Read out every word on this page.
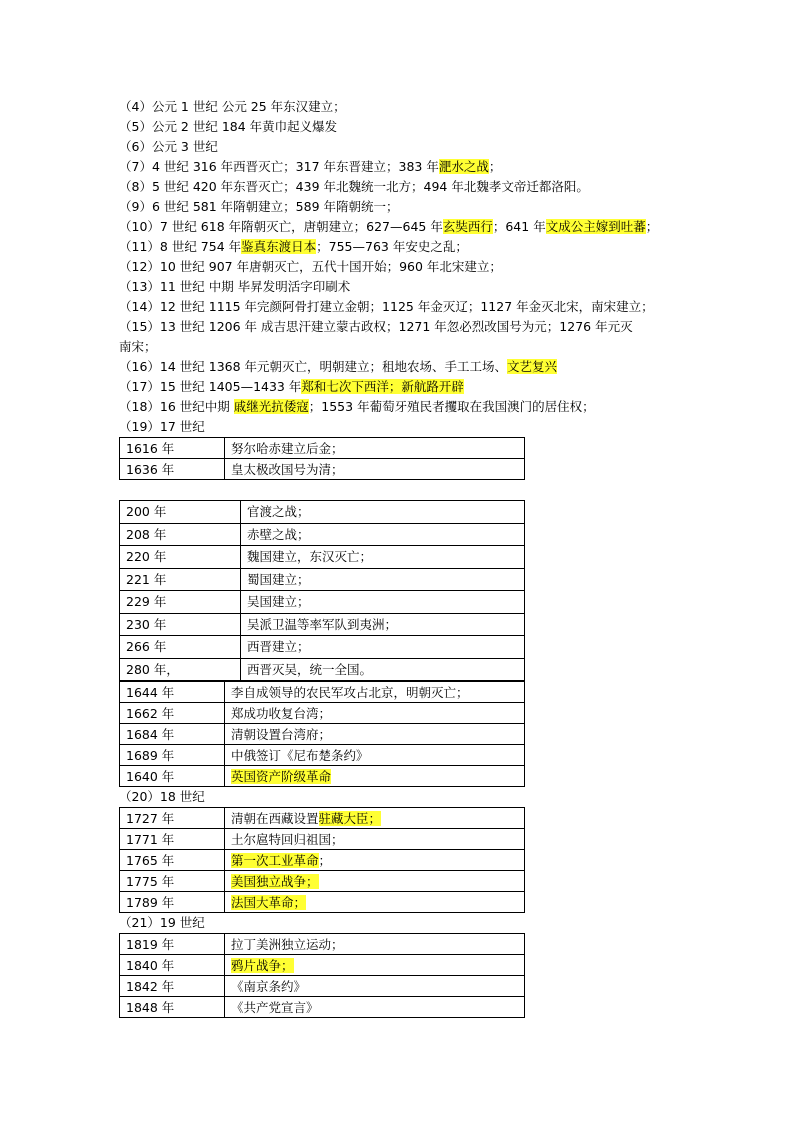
（4）公元 1 世纪 公元 25 年东汉建立；
（5）公元 2 世纪 184 年黄巾起义爆发
（6）公元 3 世纪
（7）4 世纪 316 年西晋灭亡；317 年东晋建立；383 年淝水之战；
（8）5 世纪 420 年东晋灭亡；439 年北魏统一北方；494 年北魏孝文帝迁都洛阳。
（9）6 世纪 581 年隋朝建立；589 年隋朝统一；
（10）7 世纪 618 年隋朝灭亡，唐朝建立；627—645 年玄奘西行；641 年文成公主嫁到吐蕃；
（11）8 世纪 754 年鉴真东渡日本；755—763 年安史之乱；
（12）10 世纪 907 年唐朝灭亡，五代十国开始；960 年北宋建立；
（13）11 世纪 中期 毕昇发明活字印刷术
（14）12 世纪 1115 年完颜阿骨打建立金朝；1125 年金灭辽；1127 年金灭北宋，南宋建立；
（15）13 世纪 1206 年 成吉思汗建立蒙古政权；1271 年忽必烈改国号为元；1276 年元灭南宋；
（16）14 世纪 1368 年元朝灭亡，明朝建立；租地农场、手工工场、文艺复兴
（17）15 世纪 1405—1433 年郑和七次下西洋；新航路开辟
（18）16 世纪中期 戚继光抗倭寇；1553 年葡萄牙殖民者攫取在我国澳门的居住权；
（19）17 世纪
1616 年	努尔哈赤建立后金；
1636 年	皇太极改国号为清；
200 年	官渡之战；
208 年	赤壁之战；
220 年	魏国建立，东汉灭亡；
221 年	蜀国建立；
229 年	吴国建立；
230 年	吴派卫温等率军队到夷洲；
266 年	西晋建立；
280 年，	西晋灭吴，统一全国。
1644 年	李自成领导的农民军攻占北京，明朝灭亡；
1662 年	郑成功收复台湾；
1684 年	清朝设置台湾府；
1689 年	中俄签订《尼布楚条约》
1640 年	英国资产阶级革命
（20）18 世纪
1727 年	清朝在西藏设置驻藏大臣；
1771 年	土尔扈特回归祖国；
1765 年	第一次工业革命；
1775 年	美国独立战争；
1789 年	法国大革命；
（21）19 世纪
1819 年	拉丁美洲独立运动；
1840 年	鸦片战争；
1842 年	《南京条约》
1848 年	《共产党宣言》
